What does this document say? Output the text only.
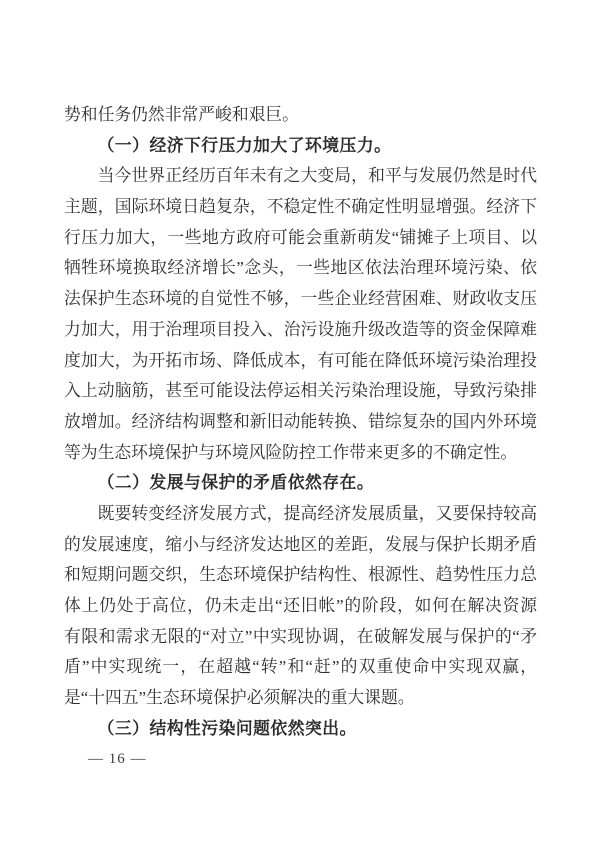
势和任务仍然非常严峻和艰巨。
（一）经济下行压力加大了环境压力。
当今世界正经历百年未有之大变局，和平与发展仍然是时代
主题，国际环境日趋复杂，不稳定性不确定性明显增强。经济下
行压力加大，一些地方政府可能会重新萌发“铺摊子上项目、以
牺牲环境换取经济增长”念头，一些地区依法治理环境污染、依
法保护生态环境的自觉性不够，一些企业经营困难、财政收支压
力加大，用于治理项目投入、治污设施升级改造等的资金保障难
度加大，为开拓市场、降低成本，有可能在降低环境污染治理投
入上动脑筋，甚至可能设法停运相关污染治理设施，导致污染排
放增加。经济结构调整和新旧动能转换、错综复杂的国内外环境
等为生态环境保护与环境风险防控工作带来更多的不确定性。
（二）发展与保护的矛盾依然存在。
既要转变经济发展方式，提高经济发展质量，又要保持较高
的发展速度，缩小与经济发达地区的差距，发展与保护长期矛盾
和短期问题交织，生态环境保护结构性、根源性、趋势性压力总
体上仍处于高位，仍未走出“还旧帐”的阶段，如何在解决资源
有限和需求无限的“对立”中实现协调，在破解发展与保护的“矛
盾”中实现统一，在超越“转”和“赶”的双重使命中实现双赢，
是“十四五”生态环境保护必须解决的重大课题。
（三）结构性污染问题依然突出。
— 16 —
